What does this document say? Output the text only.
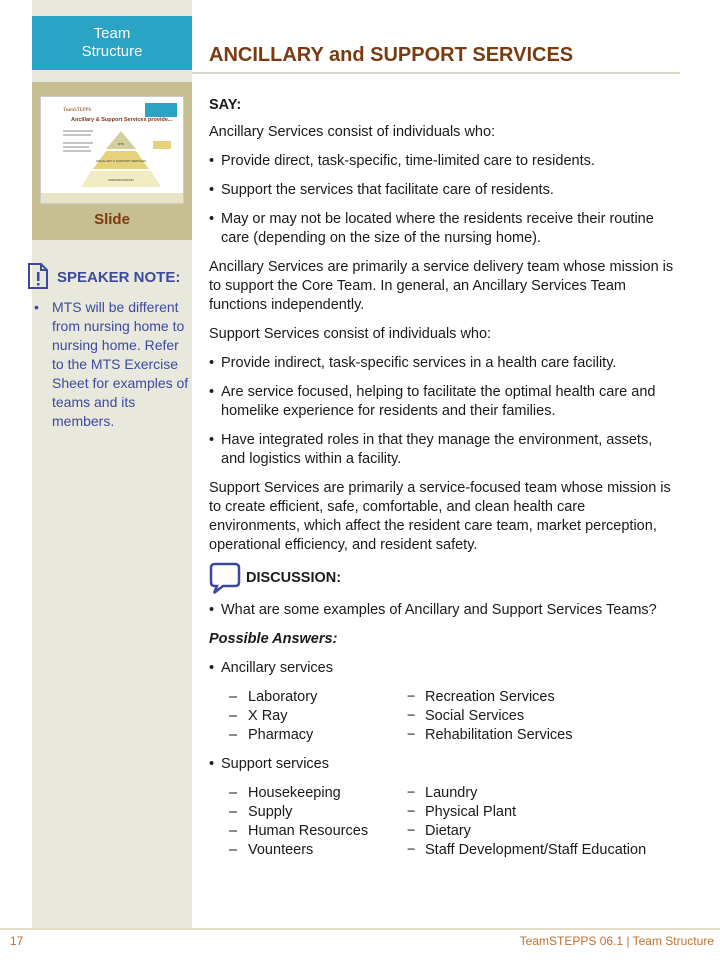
Team
Structure	ANCILLARY and SUPPORT SERVICES
TeamSTEPPS
Ancillary & Support Services provide...
MTS
ANCILLARY & SUPPORT SERVICES
ADMINISTRATION
Slide
SPEAKER NOTE:
• MTS will be different from nursing home to nursing home. Refer to the MTS Exercise Sheet for examples of teams and its members.

SAY:

Ancillary Services consist of individuals who:

• Provide direct, task-specific, time-limited care to residents.
• Support the services that facilitate care of residents.
• May or may not be located where the residents receive their routine care (depending on the size of the nursing home).

Ancillary Services are primarily a service delivery team whose mission is to support the Core Team. In general, an Ancillary Services Team functions independently.

Support Services consist of individuals who:

• Provide indirect, task-specific services in a health care facility.
• Are service focused, helping to facilitate the optimal health care and homelike experience for residents and their families.
• Have integrated roles in that they manage the environment, assets, and logistics within a facility.

Support Services are primarily a service-focused team whose mission is to create efficient, safe, comfortable, and clean health care environments, which affect the resident care team, market perception, operational efficiency, and resident safety.

DISCUSSION:
• What are some examples of Ancillary and Support Services Teams?

Possible Answers:

• Ancillary services
– Laboratory
– X Ray
– Pharmacy
− Recreation Services
− Social Services
− Rehabilitation Services
• Support services
– Housekeeping
– Supply
– Human Resources
– Vounteers
− Laundry
− Physical Plant
− Dietary
− Staff Development/Staff Education
17	TeamSTEPPS 06.1 | Team Structure
